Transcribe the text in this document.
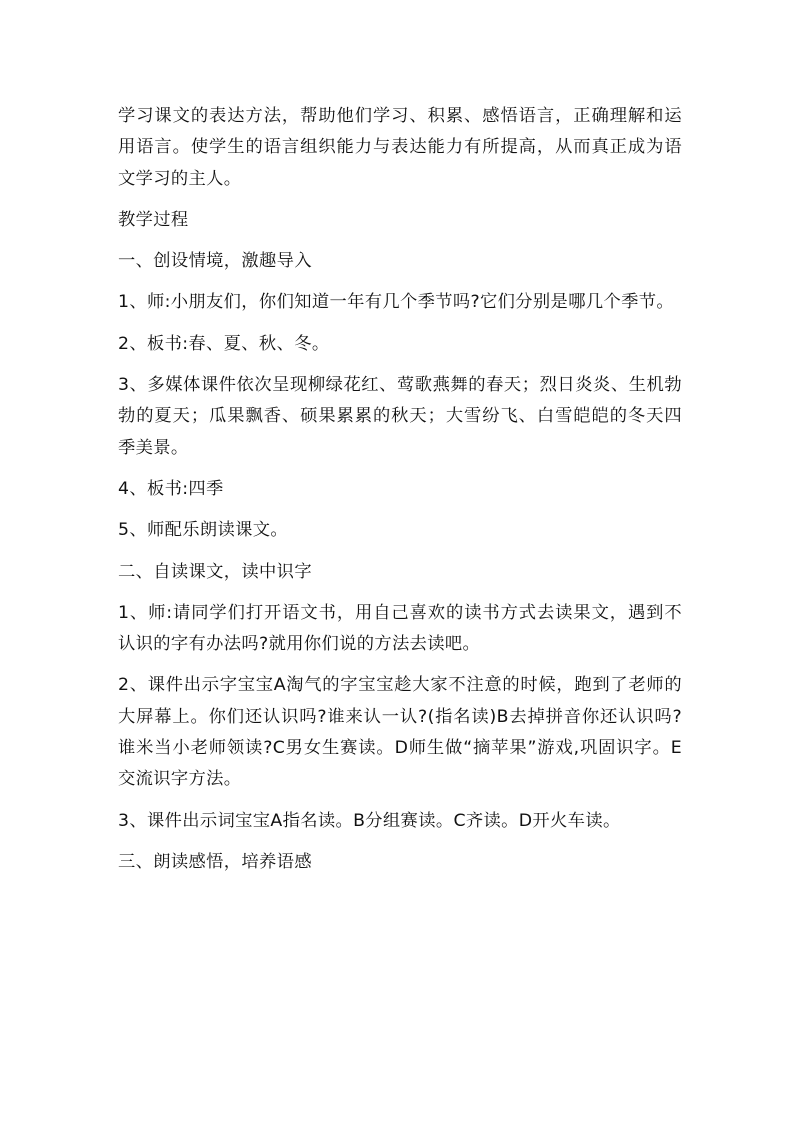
学习课文的表达方法，帮助他们学习、积累、感悟语言，正确理解和运用语言。使学生的语言组织能力与表达能力有所提高，从而真正成为语文学习的主人。

教学过程

一、创设情境，激趣导入

1、师:小朋友们，你们知道一年有几个季节吗?它们分别是哪几个季节。

2、板书:春、夏、秋、冬。

3、多媒体课件依次呈现柳绿花红、莺歌燕舞的春天；烈日炎炎、生机勃勃的夏天；瓜果飘香、硕果累累的秋天；大雪纷飞、白雪皑皑的冬天四季美景。

4、板书:四季

5、师配乐朗读课文。

二、自读课文，读中识字

1、师:请同学们打开语文书，用自己喜欢的读书方式去读果文，遇到不认识的字有办法吗?就用你们说的方法去读吧。

2、课件出示字宝宝A淘气的字宝宝趁大家不注意的时候，跑到了老师的大屏幕上。你们还认识吗?谁来认一认?(指名读)B去掉拼音你还认识吗?谁米当小老师领读?C男女生赛读。D师生做“摘苹果”游戏,巩固识字。E交流识字方法。

3、课件出示词宝宝A指名读。B分组赛读。C齐读。D开火车读。

三、朗读感悟，培养语感
